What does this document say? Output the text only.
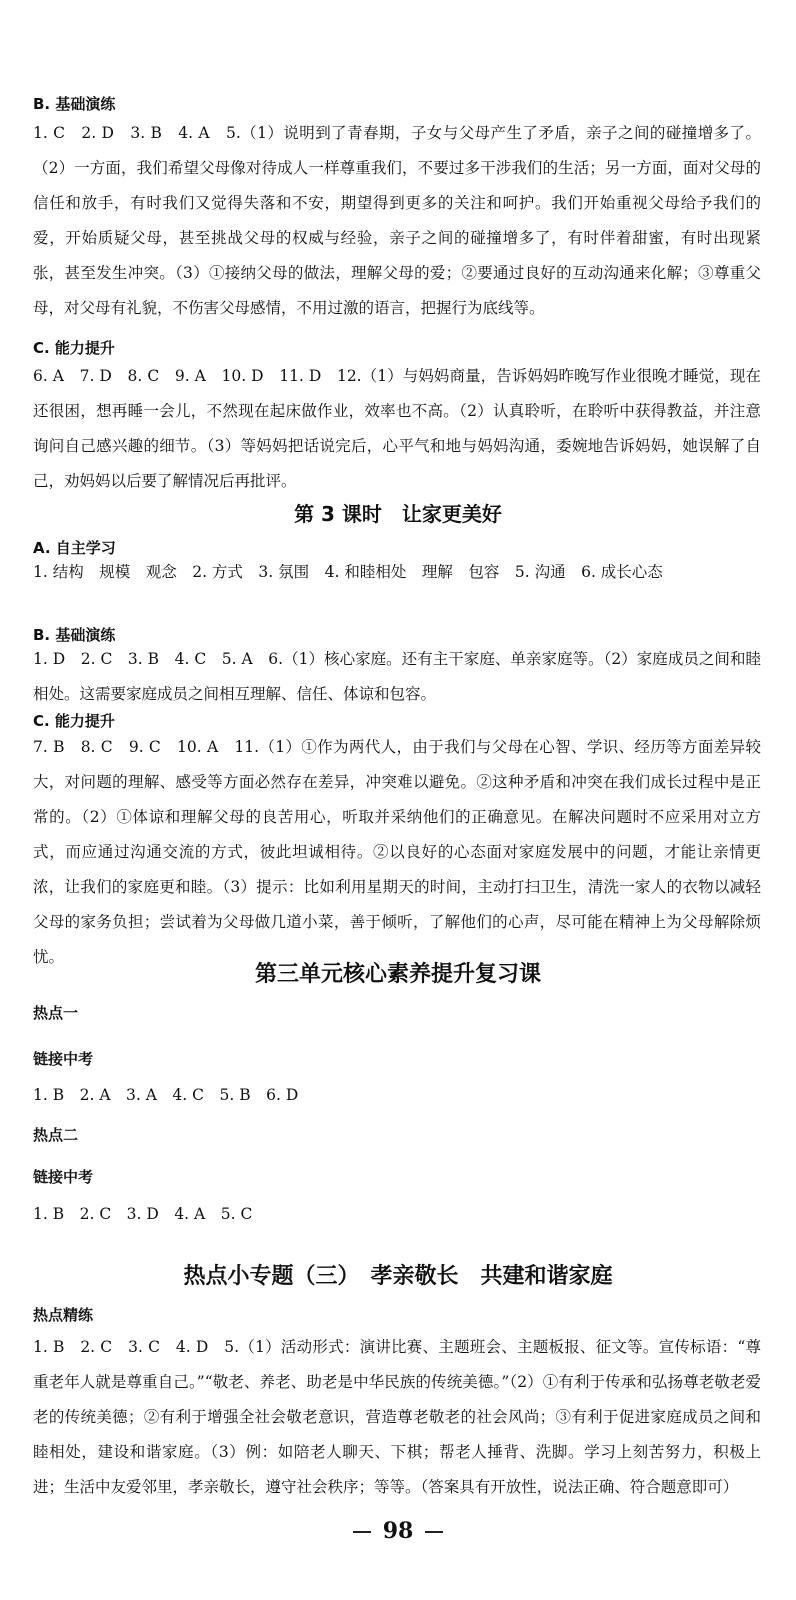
B. 基础演练
1. C　2. D　3. B　4. A　5.（1）说明到了青春期，子女与父母产生了矛盾，亲子之间的碰撞增多了。（2）一方面，我们希望父母像对待成人一样尊重我们，不要过多干涉我们的生活；另一方面，面对父母的信任和放手，有时我们又觉得失落和不安，期望得到更多的关注和呵护。我们开始重视父母给予我们的爱，开始质疑父母，甚至挑战父母的权威与经验，亲子之间的碰撞增多了，有时伴着甜蜜，有时出现紧张，甚至发生冲突。（3）①接纳父母的做法，理解父母的爱；②要通过良好的互动沟通来化解；③尊重父母，对父母有礼貌，不伤害父母感情，不用过激的语言，把握行为底线等。
C. 能力提升
6. A　7. D　8. C　9. A　10. D　11. D　12.（1）与妈妈商量，告诉妈妈昨晚写作业很晚才睡觉，现在还很困，想再睡一会儿，不然现在起床做作业，效率也不高。（2）认真聆听，在聆听中获得教益，并注意询问自己感兴趣的细节。（3）等妈妈把话说完后，心平气和地与妈妈沟通，委婉地告诉妈妈，她误解了自己，劝妈妈以后要了解情况后再批评。
第 3 课时　让家更美好
A. 自主学习
1. 结构　规模　观念　2. 方式　3. 氛围　4. 和睦相处　理解　包容　5. 沟通　6. 成长心态
B. 基础演练
1. D　2. C　3. B　4. C　5. A　6.（1）核心家庭。还有主干家庭、单亲家庭等。（2）家庭成员之间和睦相处。这需要家庭成员之间相互理解、信任、体谅和包容。
C. 能力提升
7. B　8. C　9. C　10. A　11.（1）①作为两代人，由于我们与父母在心智、学识、经历等方面差异较大，对问题的理解、感受等方面必然存在差异，冲突难以避免。②这种矛盾和冲突在我们成长过程中是正常的。（2）①体谅和理解父母的良苦用心，听取并采纳他们的正确意见。在解决问题时不应采用对立方式，而应通过沟通交流的方式，彼此坦诚相待。②以良好的心态面对家庭发展中的问题，才能让亲情更浓，让我们的家庭更和睦。（3）提示：比如利用星期天的时间，主动打扫卫生，清洗一家人的衣物以减轻父母的家务负担；尝试着为父母做几道小菜，善于倾听，了解他们的心声，尽可能在精神上为父母解除烦忧。
第三单元核心素养提升复习课
热点一
链接中考
1. B　2. A　3. A　4. C　5. B　6. D
热点二
链接中考
1. B　2. C　3. D　4. A　5. C
热点小专题（三）　孝亲敬长　共建和谐家庭
热点精练
1. B　2. C　3. C　4. D　5.（1）活动形式：演讲比赛、主题班会、主题板报、征文等。宣传标语：“尊重老年人就是尊重自己。”“敬老、养老、助老是中华民族的传统美德。”（2）①有利于传承和弘扬尊老敬老爱老的传统美德；②有利于增强全社会敬老意识，营造尊老敬老的社会风尚；③有利于促进家庭成员之间和睦相处，建设和谐家庭。（3）例：如陪老人聊天、下棋；帮老人捶背、洗脚。学习上刻苦努力，积极上进；生活中友爱邻里，孝亲敬长，遵守社会秩序；等等。（答案具有开放性，说法正确、符合题意即可）
98
